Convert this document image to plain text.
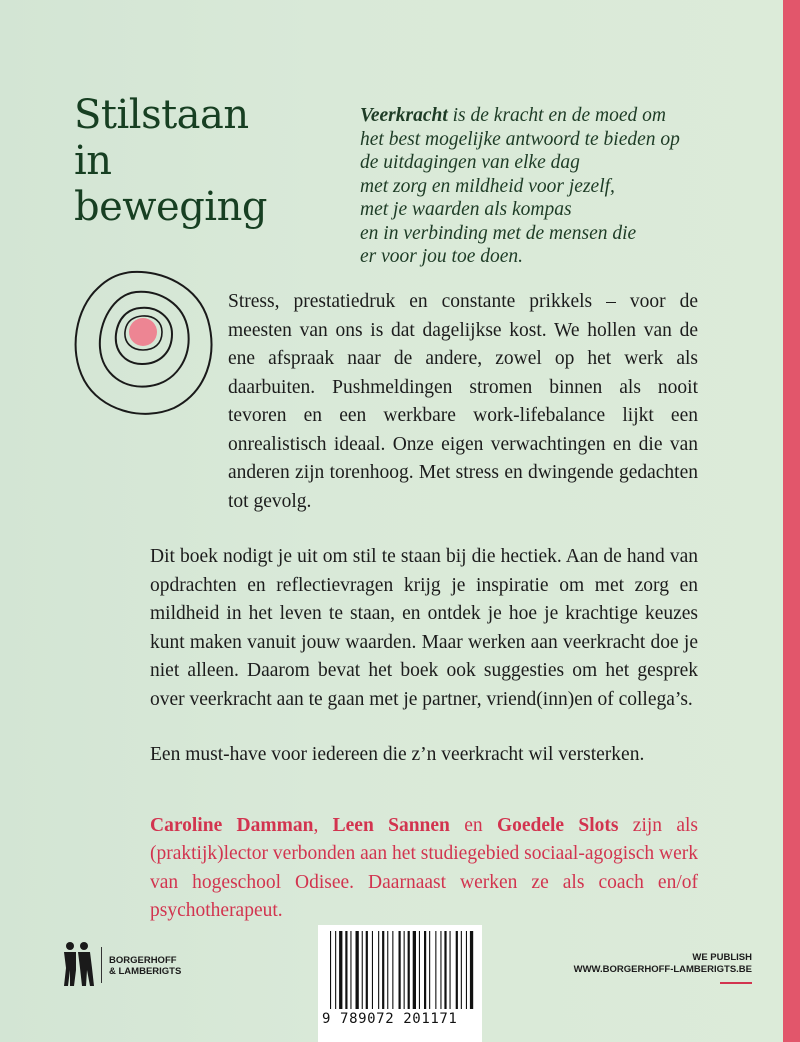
Stilstaan
in
beweging
Veerkracht is de kracht en de moed om
het best mogelijke antwoord te bieden op
de uitdagingen van elke dag
met zorg en mildheid voor jezelf,
met je waarden als kompas
en in verbinding met de mensen die
er voor jou toe doen.

Stress, prestatiedruk en constante prikkels – voor de meesten van ons is dat dagelijkse kost. We hollen van de ene afspraak naar de andere, zowel op het werk als daarbuiten. Pushmeldingen stromen binnen als nooit tevoren en een werkbare work-lifebalance lijkt een onrealistisch ideaal. Onze eigen verwachtingen en die van anderen zijn torenhoog. Met stress en dwingende gedachten tot gevolg.

Dit boek nodigt je uit om stil te staan bij die hectiek. Aan de hand van opdrachten en reflectievragen krijg je inspiratie om met zorg en mildheid in het leven te staan, en ontdek je hoe je krachtige keuzes kunt maken vanuit jouw waarden. Maar werken aan veerkracht doe je niet alleen. Daarom bevat het boek ook suggesties om het gesprek over veerkracht aan te gaan met je partner, vriend(inn)en of collega’s.

Een must-have voor iedereen die z’n veerkracht wil versterken.

Caroline Damman, Leen Sannen en Goedele Slots zijn als (praktijk)lector verbonden aan het studiegebied sociaal-agogisch werk van hogeschool Odisee. Daarnaast werken ze als coach en/of psychotherapeut.

BORGERHOFF
& LAMBERIGTS
9 789072 201171
WE PUBLISH
WWW.BORGERHOFF-LAMBERIGTS.BE
